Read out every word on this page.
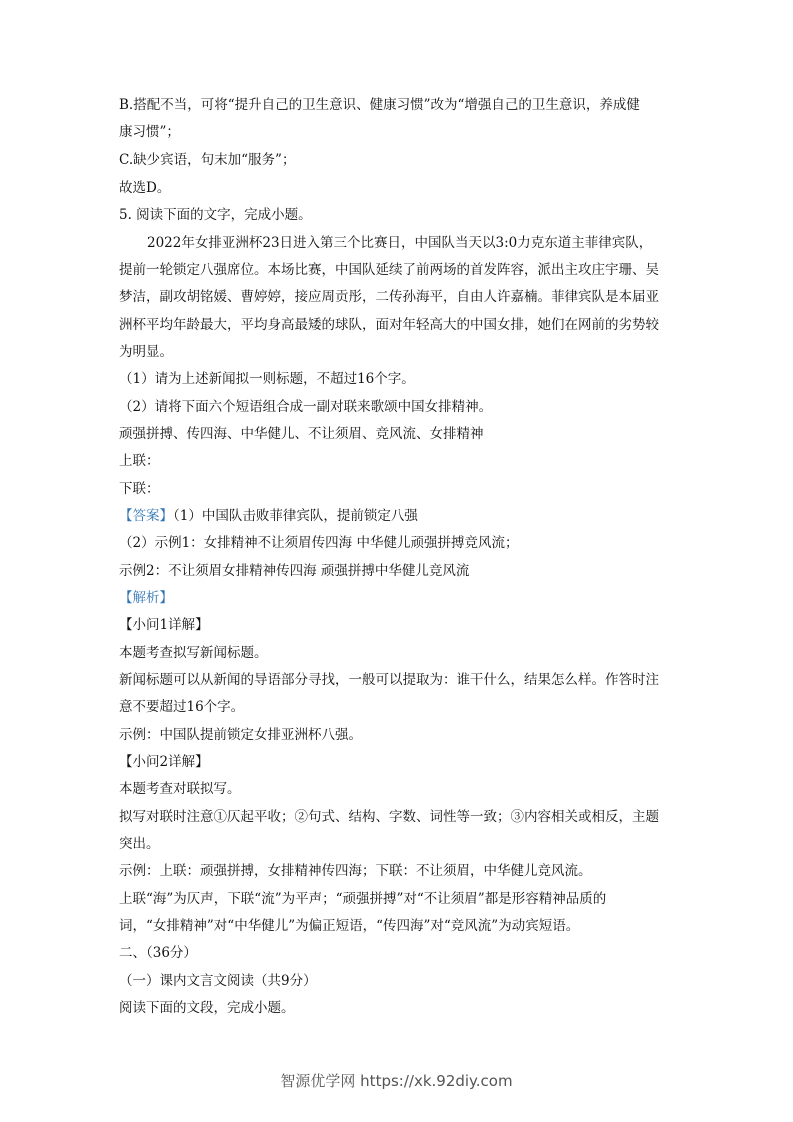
B.搭配不当，可将“提升自己的卫生意识、健康习惯”改为“增强自己的卫生意识，养成健
康习惯”；
C.缺少宾语，句末加“服务”；
故选D。
5. 阅读下面的文字，完成小题。
2022年女排亚洲杯23日进入第三个比赛日，中国队当天以3:0力克东道主菲律宾队，
提前一轮锁定八强席位。本场比赛，中国队延续了前两场的首发阵容，派出主攻庄宇珊、吴
梦洁，副攻胡铭媛、曹婷婷，接应周贡彤，二传孙海平，自由人许嘉楠。菲律宾队是本届亚
洲杯平均年龄最大，平均身高最矮的球队，面对年轻高大的中国女排，她们在网前的劣势较
为明显。
（1）请为上述新闻拟一则标题，不超过16个字。
（2）请将下面六个短语组合成一副对联来歌颂中国女排精神。
顽强拼搏、传四海、中华健儿、不让须眉、竞风流、女排精神
上联：
下联：
【答案】（1）中国队击败菲律宾队，提前锁定八强
（2）示例1：女排精神不让须眉传四海 中华健儿顽强拼搏竞风流；
示例2：不让须眉女排精神传四海 顽强拼搏中华健儿竞风流
【解析】
【小问1详解】
本题考查拟写新闻标题。
新闻标题可以从新闻的导语部分寻找，一般可以提取为：谁干什么，结果怎么样。作答时注
意不要超过16个字。
示例：中国队提前锁定女排亚洲杯八强。
【小问2详解】
本题考查对联拟写。
拟写对联时注意①仄起平收；②句式、结构、字数、词性等一致；③内容相关或相反，主题
突出。
示例：上联：顽强拼搏，女排精神传四海；下联：不让须眉，中华健儿竞风流。
上联“海”为仄声，下联“流”为平声；“顽强拼搏”对“不让须眉”都是形容精神品质的
词，“女排精神”对“中华健儿”为偏正短语，“传四海”对“竞风流”为动宾短语。
二、（36分）
（一）课内文言文阅读（共9分）
阅读下面的文段，完成小题。
智源优学网 https://xk.92diy.com
